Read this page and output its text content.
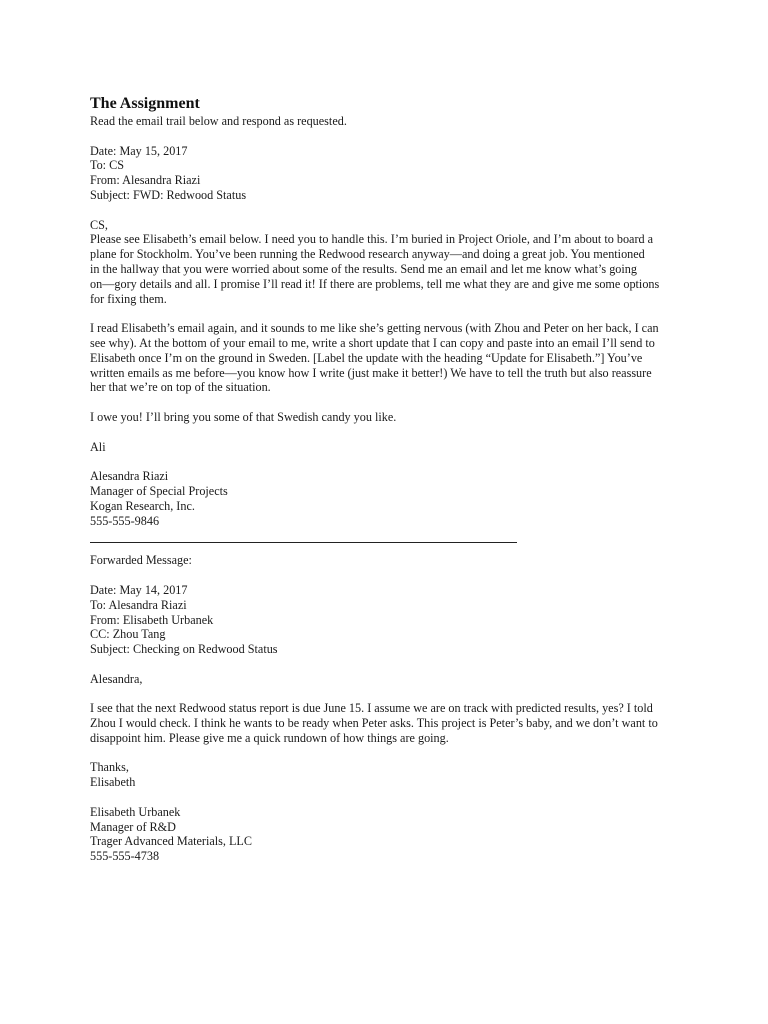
The Assignment

Read the email trail below and respond as requested.

Date: May 15, 2017

To: CS

From: Alesandra Riazi

Subject: FWD: Redwood Status

CS,

Please see Elisabeth’s email below. I need you to handle this. I’m buried in Project Oriole, and I’m about to board a

plane for Stockholm. You’ve been running the Redwood research anyway—and doing a great job. You mentioned

in the hallway that you were worried about some of the results. Send me an email and let me know what’s going

on—gory details and all. I promise I’ll read it! If there are problems, tell me what they are and give me some options

for fixing them.

I read Elisabeth’s email again, and it sounds to me like she’s getting nervous (with Zhou and Peter on her back, I can

see why). At the bottom of your email to me, write a short update that I can copy and paste into an email I’ll send to

Elisabeth once I’m on the ground in Sweden. [Label the update with the heading “Update for Elisabeth.”] You’ve

written emails as me before—you know how I write (just make it better!) We have to tell the truth but also reassure

her that we’re on top of the situation.

I owe you! I’ll bring you some of that Swedish candy you like.

Ali

Alesandra Riazi

Manager of Special Projects

Kogan Research, Inc.

555-555-9846

Forwarded Message:

Date: May 14, 2017

To: Alesandra Riazi

From: Elisabeth Urbanek

CC: Zhou Tang

Subject: Checking on Redwood Status

Alesandra,

I see that the next Redwood status report is due June 15. I assume we are on track with predicted results, yes? I told

Zhou I would check. I think he wants to be ready when Peter asks. This project is Peter’s baby, and we don’t want to

disappoint him. Please give me a quick rundown of how things are going.

Thanks,

Elisabeth

Elisabeth Urbanek

Manager of R&D

Trager Advanced Materials, LLC

555-555-4738
